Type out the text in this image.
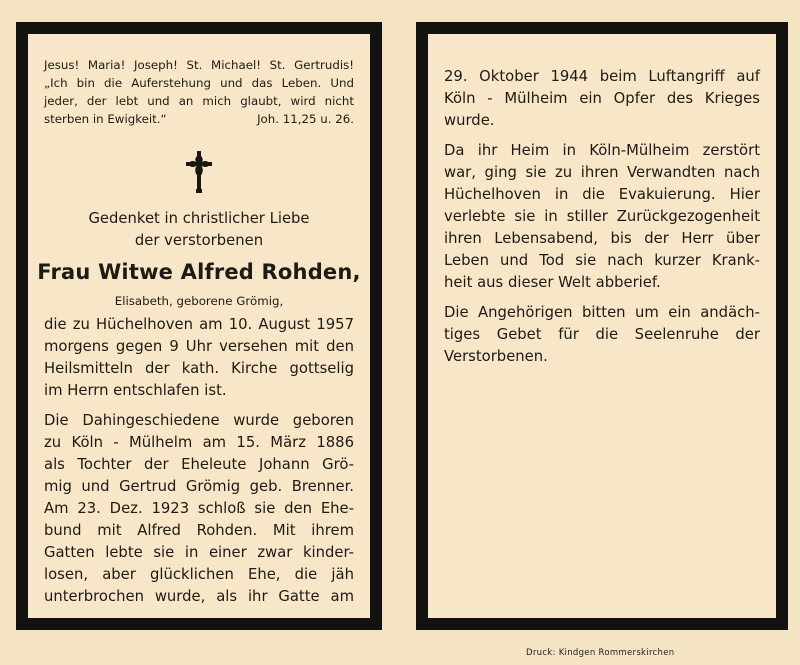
Jesus! Maria! Joseph! St. Michael! St. Gertrudis!
„Ich bin die Auferstehung und das Leben. Und
jeder, der lebt und an mich glaubt, wird nicht
sterben in Ewigkeit.“	Joh. 11,25 u. 26.
Gedenket in christlicher Liebe
der verstorbenen
Frau Witwe Alfred Rohden,
Elisabeth, geborene Grömig,
die zu Hüchelhoven am 10. August 1957
morgens gegen 9 Uhr versehen mit den
Heilsmitteln der kath. Kirche gottselig
im Herrn entschlafen ist.
Die Dahingeschiedene wurde geboren
zu Köln - Mülhelm am 15. März 1886
als Tochter der Eheleute Johann Grö-
mig und Gertrud Grömig geb. Brenner.
Am 23. Dez. 1923 schloß sie den Ehe-
bund mit Alfred Rohden. Mit ihrem
Gatten lebte sie in einer zwar kinder-
losen, aber glücklichen Ehe, die jäh
unterbrochen wurde, als ihr Gatte am
29. Oktober 1944 beim Luftangriff auf
Köln - Mülheim ein Opfer des Krieges
wurde.
Da ihr Heim in Köln-Mülheim zerstört
war, ging sie zu ihren Verwandten nach
Hüchelhoven in die Evakuierung. Hier
verlebte sie in stiller Zurückgezogenheit
ihren Lebensabend, bis der Herr über
Leben und Tod sie nach kurzer Krank-
heit aus dieser Welt abberief.
Die Angehörigen bitten um ein andäch-
tiges Gebet für die Seelenruhe der
Verstorbenen.
Druck: Kindgen Rommerskirchen
